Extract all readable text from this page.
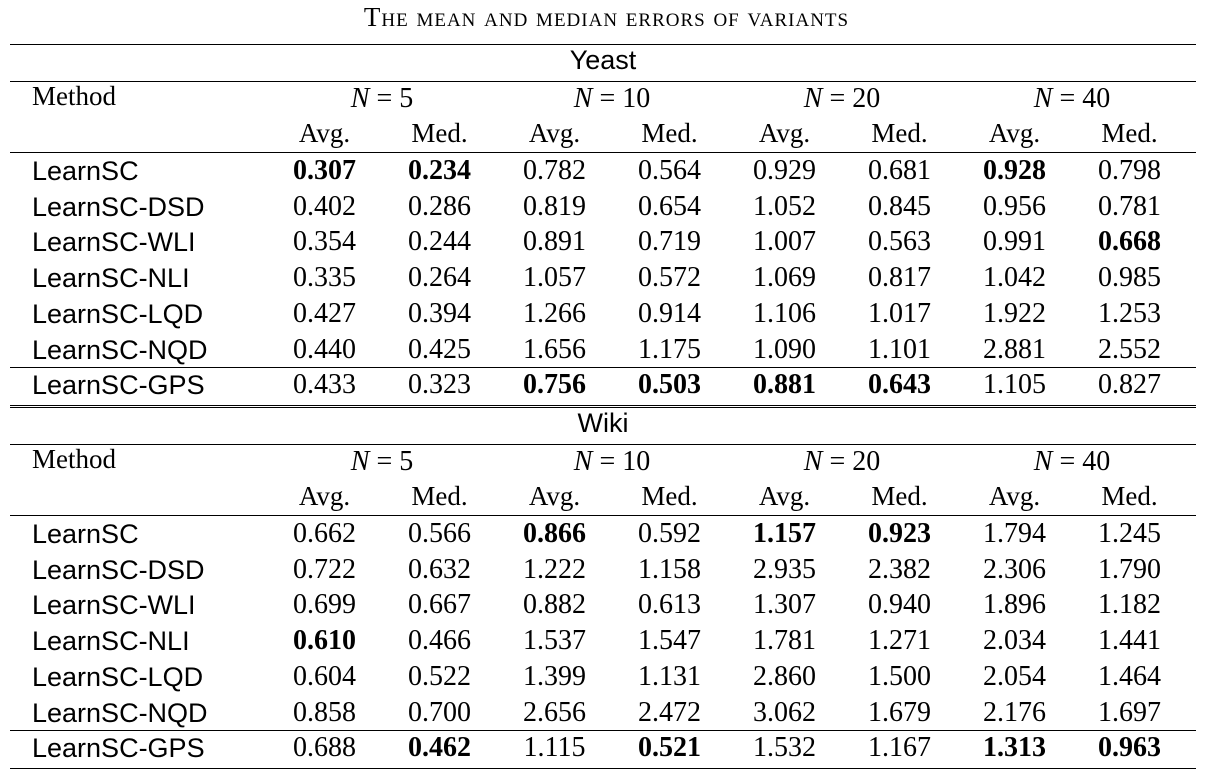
The mean and median errors of variants
Yeast
Method	N = 5	N = 10	N = 20	N = 40
Avg.	Med.	Avg.	Med.	Avg.	Med.	Avg.	Med.
LearnSC	0.307	0.234	0.782	0.564	0.929	0.681	0.928	0.798
LearnSC-DSD	0.402	0.286	0.819	0.654	1.052	0.845	0.956	0.781
LearnSC-WLI	0.354	0.244	0.891	0.719	1.007	0.563	0.991	0.668
LearnSC-NLI	0.335	0.264	1.057	0.572	1.069	0.817	1.042	0.985
LearnSC-LQD	0.427	0.394	1.266	0.914	1.106	1.017	1.922	1.253
LearnSC-NQD	0.440	0.425	1.656	1.175	1.090	1.101	2.881	2.552
LearnSC-GPS	0.433	0.323	0.756	0.503	0.881	0.643	1.105	0.827
Wiki
Method	N = 5	N = 10	N = 20	N = 40
Avg.	Med.	Avg.	Med.	Avg.	Med.	Avg.	Med.
LearnSC	0.662	0.566	0.866	0.592	1.157	0.923	1.794	1.245
LearnSC-DSD	0.722	0.632	1.222	1.158	2.935	2.382	2.306	1.790
LearnSC-WLI	0.699	0.667	0.882	0.613	1.307	0.940	1.896	1.182
LearnSC-NLI	0.610	0.466	1.537	1.547	1.781	1.271	2.034	1.441
LearnSC-LQD	0.604	0.522	1.399	1.131	2.860	1.500	2.054	1.464
LearnSC-NQD	0.858	0.700	2.656	2.472	3.062	1.679	2.176	1.697
LearnSC-GPS	0.688	0.462	1.115	0.521	1.532	1.167	1.313	0.963
